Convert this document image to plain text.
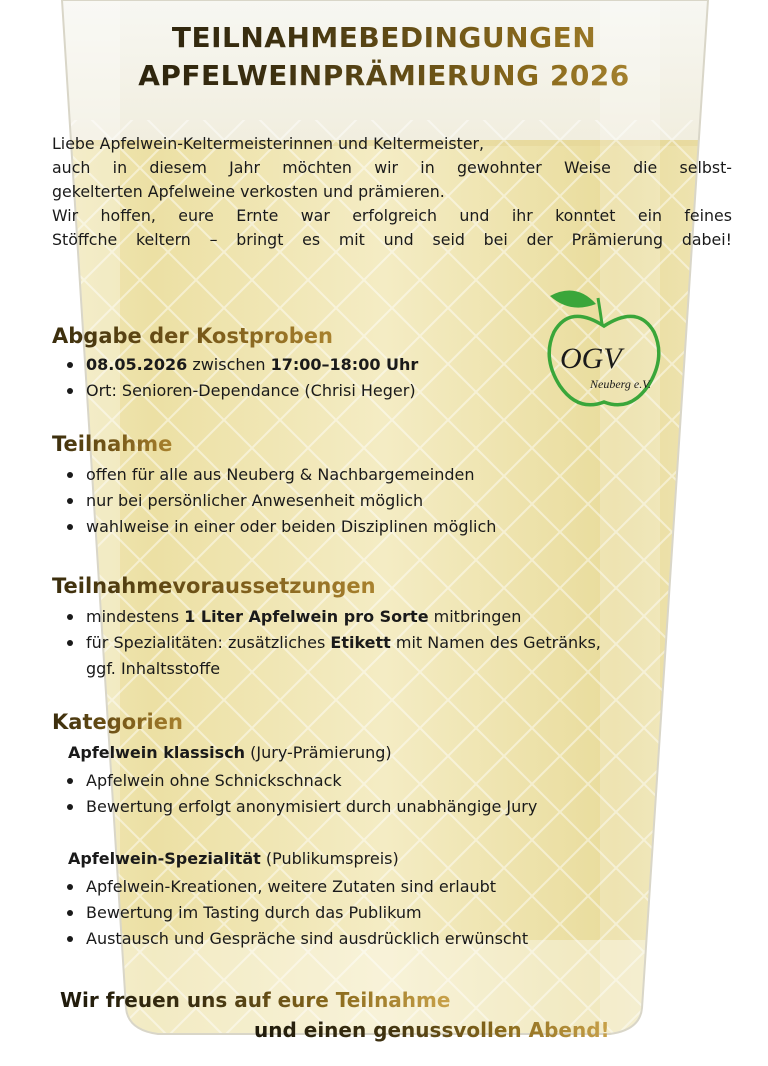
TEILNAHMEBEDINGUNGEN
APFELWEINPRÄMIERUNG 2026

Liebe Apfelwein-Keltermeisterinnen und Keltermeister,

auch in diesem Jahr möchten wir in gewohnter Weise die selbst-

gekelterten Apfelweine verkosten und prämieren.

Wir hoffen, eure Ernte war erfolgreich und ihr konntet ein feines

Stöffche keltern – bringt es mit und seid bei der Prämierung dabei!

OGV
Neuberg e.V.
Abgabe der Kostproben
08.05.2026 zwischen 17:00–18:00 Uhr
Ort: Senioren-Dependance (Chrisi Heger)
Teilnahme
offen für alle aus Neuberg & Nachbargemeinden
nur bei persönlicher Anwesenheit möglich
wahlweise in einer oder beiden Disziplinen möglich
Teilnahmevoraussetzungen
mindestens 1 Liter Apfelwein pro Sorte mitbringen
für Spezialitäten: zusätzliches Etikett mit Namen des Getränks,
ggf. Inhaltsstoffe
Kategorien
Apfelwein klassisch (Jury-Prämierung)
Apfelwein ohne Schnickschnack
Bewertung erfolgt anonymisiert durch unabhängige Jury
Apfelwein-Spezialität (Publikumspreis)
Apfelwein-Kreationen, weitere Zutaten sind erlaubt
Bewertung im Tasting durch das Publikum
Austausch und Gespräche sind ausdrücklich erwünscht
Wir freuen uns auf eure Teilnahme
und einen genussvollen Abend!
